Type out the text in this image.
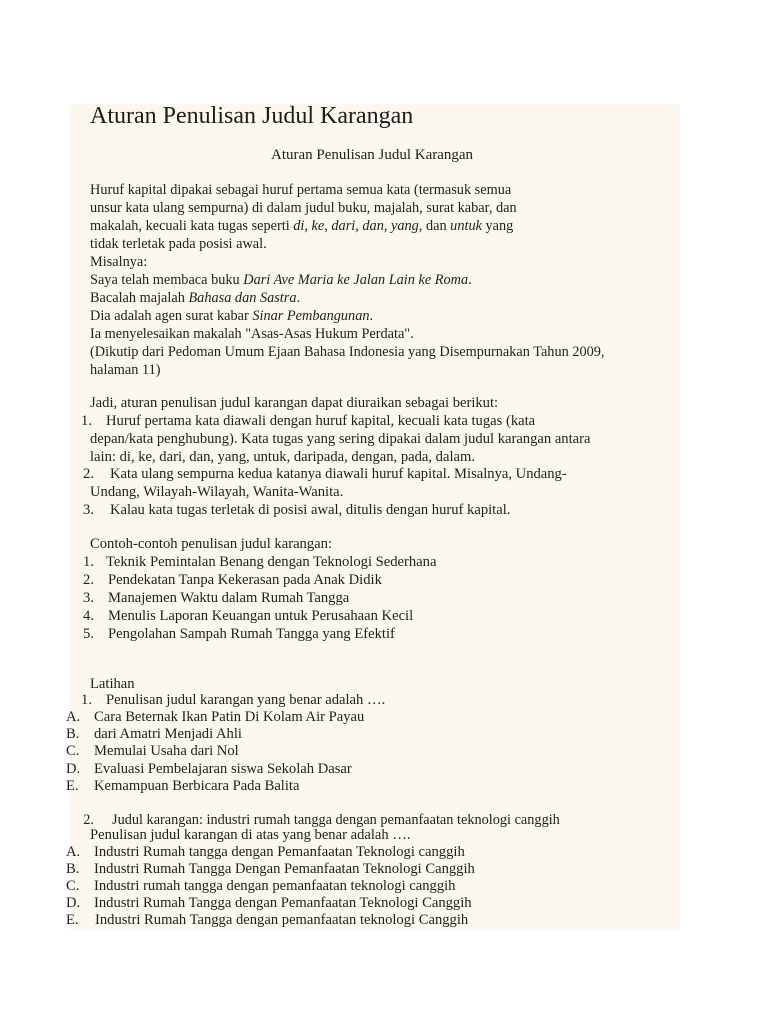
Aturan Penulisan Judul Karangan
Aturan Penulisan Judul Karangan
Huruf kapital dipakai sebagai huruf pertama semua kata (termasuk semua
unsur kata ulang sempurna) di dalam judul buku, majalah, surat kabar, dan
makalah, kecuali kata tugas seperti di, ke, dari, dan, yang, dan untuk yang
tidak terletak pada posisi awal.
Misalnya:
Saya telah membaca buku Dari Ave Maria ke Jalan Lain ke Roma.
Bacalah majalah Bahasa dan Sastra.
Dia adalah agen surat kabar Sinar Pembangunan.
Ia menyelesaikan makalah "Asas-Asas Hukum Perdata".
(Dikutip dari Pedoman Umum Ejaan Bahasa Indonesia yang Disempurnakan Tahun 2009,
halaman 11)
Jadi, aturan penulisan judul karangan dapat diuraikan sebagai berikut:
1. Huruf pertama kata diawali dengan huruf kapital, kecuali kata tugas (kata
depan/kata penghubung). Kata tugas yang sering dipakai dalam judul karangan antara
lain: di, ke, dari, dan, yang, untuk, daripada, dengan, pada, dalam.
2. Kata ulang sempurna kedua katanya diawali huruf kapital. Misalnya, Undang-
Undang, Wilayah-Wilayah, Wanita-Wanita.
3. Kalau kata tugas terletak di posisi awal, ditulis dengan huruf kapital.
Contoh-contoh penulisan judul karangan:
1. Teknik Pemintalan Benang dengan Teknologi Sederhana
2. Pendekatan Tanpa Kekerasan pada Anak Didik
3. Manajemen Waktu dalam Rumah Tangga
4. Menulis Laporan Keuangan untuk Perusahaan Kecil
5. Pengolahan Sampah Rumah Tangga yang Efektif
Latihan
1. Penulisan judul karangan yang benar adalah ….
A. Cara Beternak Ikan Patin Di Kolam Air Payau
B. dari Amatri Menjadi Ahli
C. Memulai Usaha dari Nol
D. Evaluasi Pembelajaran siswa Sekolah Dasar
E. Kemampuan Berbicara Pada Balita
2. Judul karangan: industri rumah tangga dengan pemanfaatan teknologi canggih
Penulisan judul karangan di atas yang benar adalah ….
A. Industri Rumah tangga dengan Pemanfaatan Teknologi canggih
B. Industri Rumah Tangga Dengan Pemanfaatan Teknologi Canggih
C. Industri rumah tangga dengan pemanfaatan teknologi canggih
D. Industri Rumah Tangga dengan Pemanfaatan Teknologi Canggih
E. Industri Rumah Tangga dengan pemanfaatan teknologi Canggih
